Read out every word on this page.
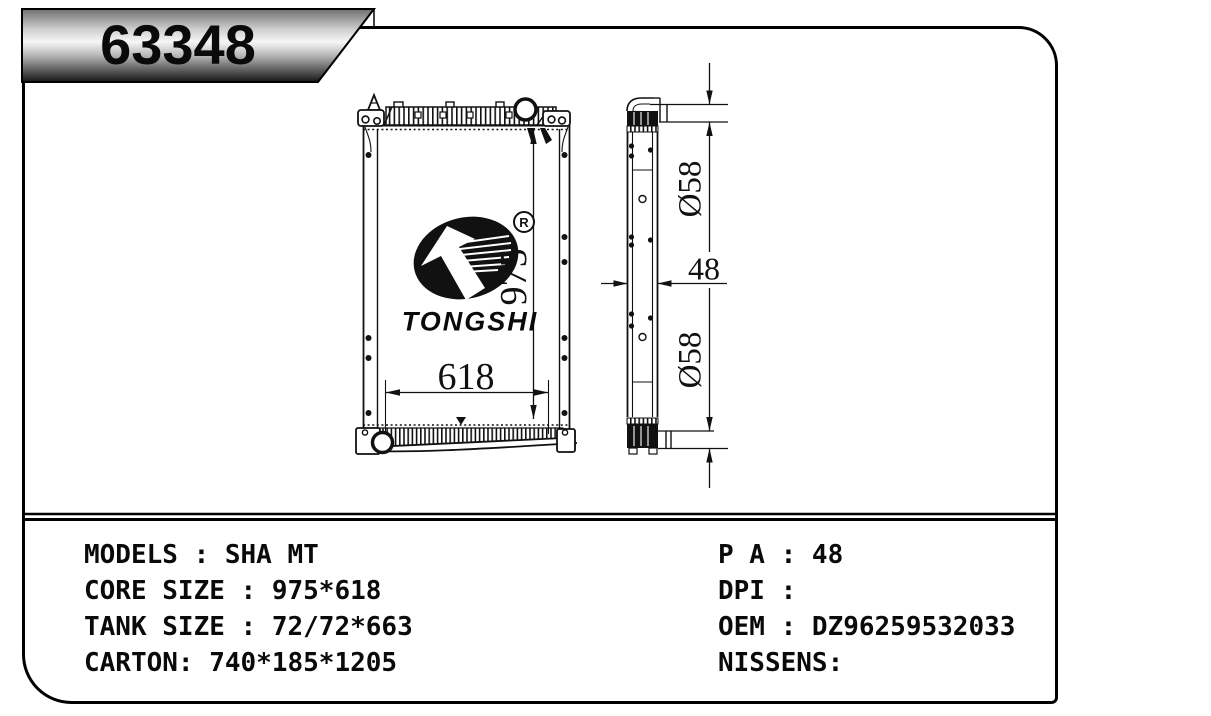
63348
618
975	48
Ø58
Ø58
TONGSHI
R
MODELS : SHA MT
CORE SIZE : 975*618
TANK SIZE : 72/72*663
CARTON: 740*185*1205
P A : 48
DPI :
OEM : DZ96259532033
NISSENS:
